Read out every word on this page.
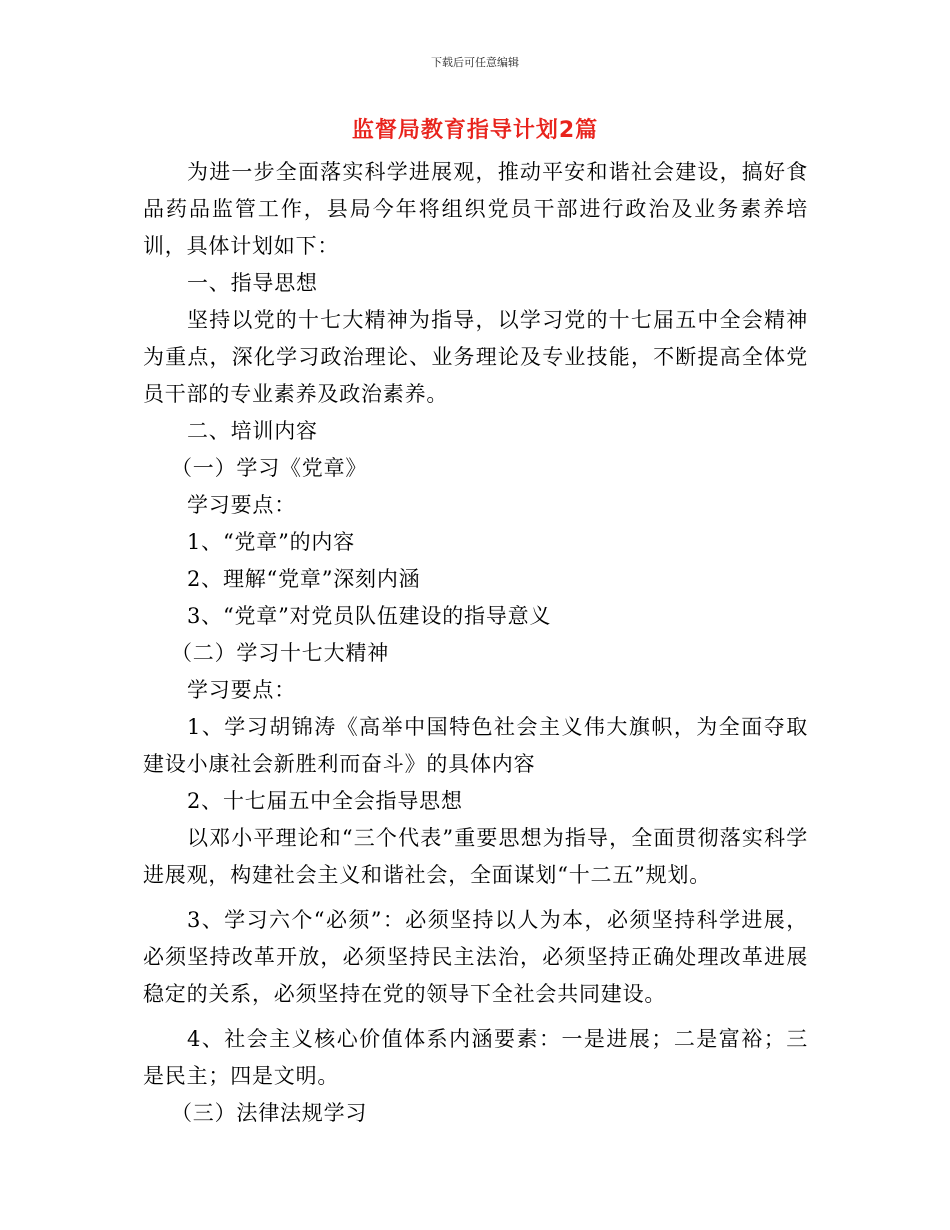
下载后可任意编辑
监督局教育指导计划2篇

为进一步全面落实科学进展观，推动平安和谐社会建设，搞好食品药品监管工作，县局今年将组织党员干部进行政治及业务素养培训，具体计划如下：

一、指导思想

坚持以党的十七大精神为指导，以学习党的十七届五中全会精神为重点，深化学习政治理论、业务理论及专业技能，不断提高全体党员干部的专业素养及政治素养。

二、培训内容

（一）学习《党章》

学习要点：

1、“党章”的内容

2、理解“党章”深刻内涵

3、“党章”对党员队伍建设的指导意义

（二）学习十七大精神

学习要点：

1、学习胡锦涛《高举中国特色社会主义伟大旗帜，为全面夺取建设小康社会新胜利而奋斗》的具体内容

2、十七届五中全会指导思想

以邓小平理论和“三个代表”重要思想为指导，全面贯彻落实科学进展观，构建社会主义和谐社会，全面谋划“十二五”规划。

3、学习六个“必须”：必须坚持以人为本，必须坚持科学进展，必须坚持改革开放，必须坚持民主法治，必须坚持正确处理改革进展稳定的关系，必须坚持在党的领导下全社会共同建设。

4、社会主义核心价值体系内涵要素：一是进展；二是富裕；三是民主；四是文明。

（三）法律法规学习
